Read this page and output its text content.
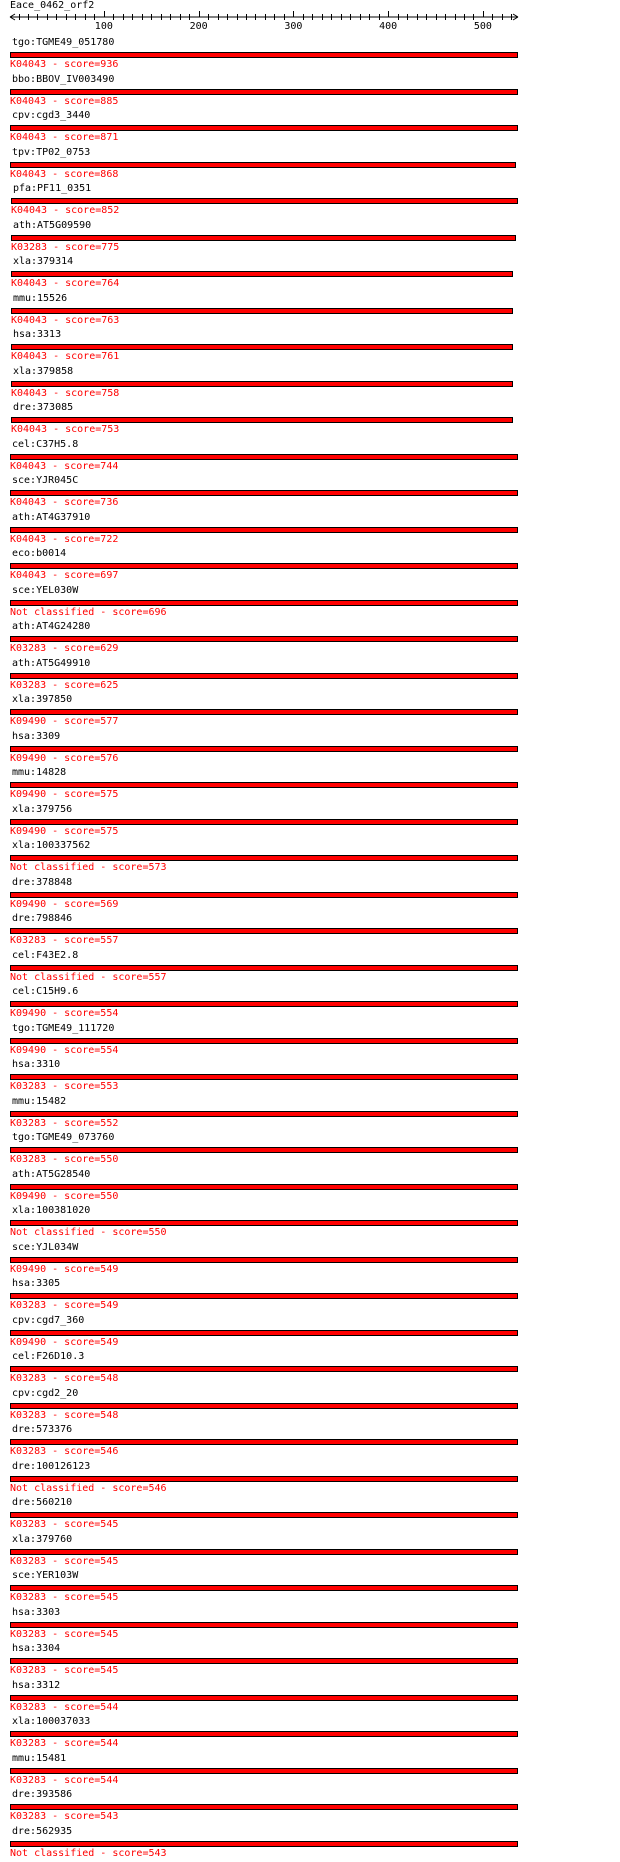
Eace_0462_orf2
100	200	300	400	500
tgo:TGME49_051780
K04043 - score=936
bbo:BBOV_IV003490
K04043 - score=885
cpv:cgd3_3440
K04043 - score=871
tpv:TP02_0753
K04043 - score=868
pfa:PF11_0351
K04043 - score=852
ath:AT5G09590
K03283 - score=775
xla:379314
K04043 - score=764
mmu:15526
K04043 - score=763
hsa:3313
K04043 - score=761
xla:379858
K04043 - score=758
dre:373085
K04043 - score=753
cel:C37H5.8
K04043 - score=744
sce:YJR045C
K04043 - score=736
ath:AT4G37910
K04043 - score=722
eco:b0014
K04043 - score=697
sce:YEL030W
Not classified - score=696
ath:AT4G24280
K03283 - score=629
ath:AT5G49910
K03283 - score=625
xla:397850
K09490 - score=577
hsa:3309
K09490 - score=576
mmu:14828
K09490 - score=575
xla:379756
K09490 - score=575
xla:100337562
Not classified - score=573
dre:378848
K09490 - score=569
dre:798846
K03283 - score=557
cel:F43E2.8
Not classified - score=557
cel:C15H9.6
K09490 - score=554
tgo:TGME49_111720
K09490 - score=554
hsa:3310
K03283 - score=553
mmu:15482
K03283 - score=552
tgo:TGME49_073760
K03283 - score=550
ath:AT5G28540
K09490 - score=550
xla:100381020
Not classified - score=550
sce:YJL034W
K09490 - score=549
hsa:3305
K03283 - score=549
cpv:cgd7_360
K09490 - score=549
cel:F26D10.3
K03283 - score=548
cpv:cgd2_20
K03283 - score=548
dre:573376
K03283 - score=546
dre:100126123
Not classified - score=546
dre:560210
K03283 - score=545
xla:379760
K03283 - score=545
sce:YER103W
K03283 - score=545
hsa:3303
K03283 - score=545
hsa:3304
K03283 - score=545
hsa:3312
K03283 - score=544
xla:100037033
K03283 - score=544
mmu:15481
K03283 - score=544
dre:393586
K03283 - score=543
dre:562935
Not classified - score=543
